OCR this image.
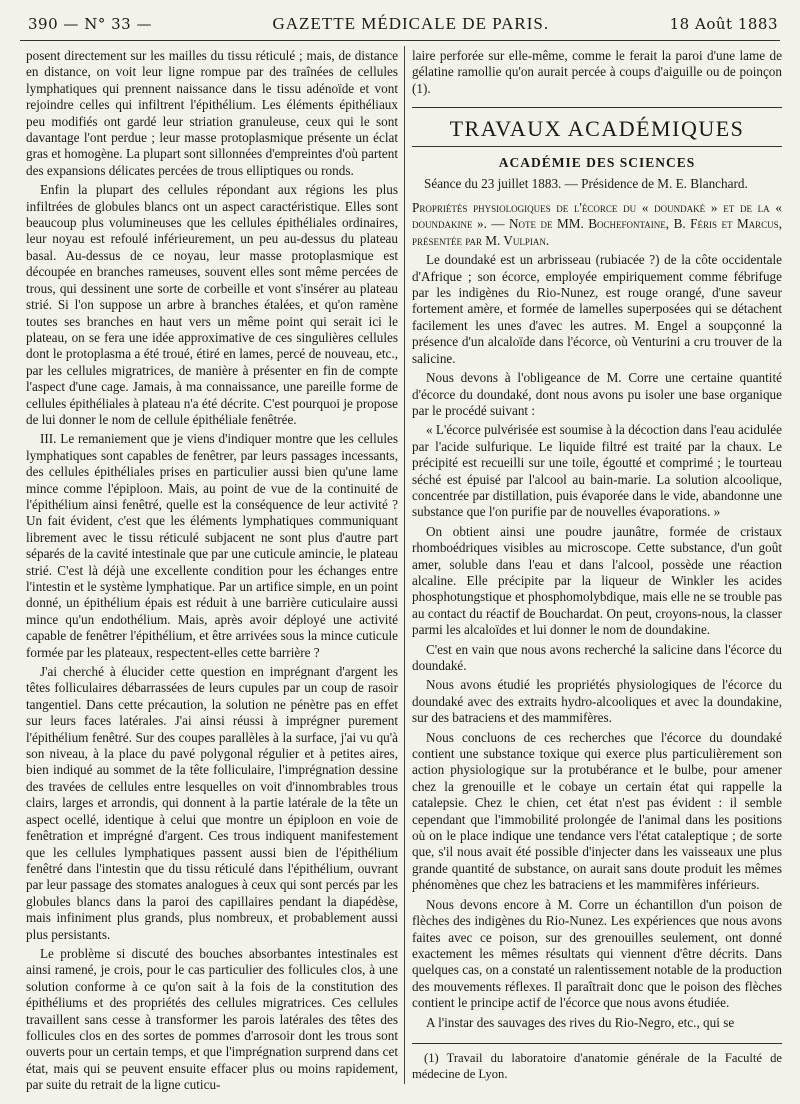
390 — N° 33 —	GAZETTE MÉDICALE DE PARIS.	18 Août 1883

posent directement sur les mailles du tissu réticulé ; mais, de distance en distance, on voit leur ligne rompue par des traînées de cellules lymphatiques qui prennent naissance dans le tissu adénoïde et vont rejoindre celles qui infiltrent l'épithélium. Les éléments épithéliaux peu modifiés ont gardé leur striation granuleuse, ceux qui le sont davantage l'ont perdue ; leur masse protoplasmique présente un éclat gras et homogène. La plupart sont sillonnées d'empreintes d'où partent des expansions délicates percées de trous elliptiques ou ronds.

Enfin la plupart des cellules répondant aux régions les plus infiltrées de globules blancs ont un aspect caractéristique. Elles sont beaucoup plus volumineuses que les cellules épithéliales ordinaires, leur noyau est refoulé inférieurement, un peu au-dessus du plateau basal. Au-dessus de ce noyau, leur masse protoplasmique est découpée en branches rameuses, souvent elles sont même percées de trous, qui dessinent une sorte de corbeille et vont s'insérer au plateau strié. Si l'on suppose un arbre à branches étalées, et qu'on ramène toutes ses branches en haut vers un même point qui serait ici le plateau, on se fera une idée approximative de ces singulières cellules dont le protoplasma a été troué, étiré en lames, percé de nouveau, etc., par les cellules migratrices, de manière à présenter en fin de compte l'aspect d'une cage. Jamais, à ma connaissance, une pareille forme de cellules épithéliales à plateau n'a été décrite. C'est pourquoi je propose de lui donner le nom de cellule épithéliale fenêtrée.

III. Le remaniement que je viens d'indiquer montre que les cellules lymphatiques sont capables de fenêtrer, par leurs passages incessants, des cellules épithéliales prises en particulier aussi bien qu'une lame mince comme l'épiploon. Mais, au point de vue de la continuité de l'épithélium ainsi fenêtré, quelle est la conséquence de leur activité ? Un fait évident, c'est que les éléments lymphatiques communiquant librement avec le tissu réticulé subjacent ne sont plus d'autre part séparés de la cavité intestinale que par une cuticule amincie, le plateau strié. C'est là déjà une excellente condition pour les échanges entre l'intestin et le système lymphatique. Par un artifice simple, en un point donné, un épithélium épais est réduit à une barrière cuticulaire aussi mince qu'un endothélium. Mais, après avoir déployé une activité capable de fenêtrer l'épithélium, et être arrivées sous la mince cuticule formée par les plateaux, respectent-elles cette barrière ?

J'ai cherché à élucider cette question en imprégnant d'argent les têtes folliculaires débarrassées de leurs cupules par un coup de rasoir tangentiel. Dans cette précaution, la solution ne pénètre pas en effet sur leurs faces latérales. J'ai ainsi réussi à imprégner purement l'épithélium fenêtré. Sur des coupes parallèles à la surface, j'ai vu qu'à son niveau, à la place du pavé polygonal régulier et à petites aires, bien indiqué au sommet de la tête folliculaire, l'imprégnation dessine des travées de cellules entre lesquelles on voit d'innombrables trous clairs, larges et arrondis, qui donnent à la partie latérale de la tête un aspect ocellé, identique à celui que montre un épiploon en voie de fenêtration et imprégné d'argent. Ces trous indiquent manifestement que les cellules lymphatiques passent aussi bien de l'épithélium fenêtré dans l'intestin que du tissu réticulé dans l'épithélium, ouvrant par leur passage des stomates analogues à ceux qui sont percés par les globules blancs dans la paroi des capillaires pendant la diapédèse, mais infiniment plus grands, plus nombreux, et probablement aussi plus persistants.

Le problème si discuté des bouches absorbantes intestinales est ainsi ramené, je crois, pour le cas particulier des follicules clos, à une solution conforme à ce qu'on sait à la fois de la constitution des épithéliums et des propriétés des cellules migratrices. Ces cellules travaillent sans cesse à transformer les parois latérales des têtes des follicules clos en des sortes de pommes d'arrosoir dont les trous sont ouverts pour un certain temps, et que l'imprégnation surprend dans cet état, mais qui se peuvent ensuite effacer plus ou moins rapidement, par suite du retrait de la ligne cuticu-

laire perforée sur elle-même, comme le ferait la paroi d'une lame de gélatine ramollie qu'on aurait percée à coups d'aiguille ou de poinçon (1).

TRAVAUX ACADÉMIQUES
ACADÉMIE DES SCIENCES

Séance du 23 juillet 1883. — Présidence de M. E. Blanchard.

Propriétés physiologiques de l'écorce du « doundaké » et de la « doundakine ». — Note de MM. Bochefontaine, B. Féris et Marcus, présentée par M. Vulpian.

Le doundaké est un arbrisseau (rubiacée ?) de la côte occidentale d'Afrique ; son écorce, employée empiriquement comme fébrifuge par les indigènes du Rio-Nunez, est rouge orangé, d'une saveur fortement amère, et formée de lamelles superposées qui se détachent facilement les unes d'avec les autres. M. Engel a soupçonné la présence d'un alcaloïde dans l'écorce, où Venturini a cru trouver de la salicine.

Nous devons à l'obligeance de M. Corre une certaine quantité d'écorce du doundaké, dont nous avons pu isoler une base organique par le procédé suivant :

« L'écorce pulvérisée est soumise à la décoction dans l'eau acidulée par l'acide sulfurique. Le liquide filtré est traité par la chaux. Le précipité est recueilli sur une toile, égoutté et comprimé ; le tourteau séché est épuisé par l'alcool au bain-marie. La solution alcoolique, concentrée par distillation, puis évaporée dans le vide, abandonne une substance que l'on purifie par de nouvelles évaporations. »

On obtient ainsi une poudre jaunâtre, formée de cristaux rhomboédriques visibles au microscope. Cette substance, d'un goût amer, soluble dans l'eau et dans l'alcool, possède une réaction alcaline. Elle précipite par la liqueur de Winkler les acides phosphotungstique et phosphomolybdique, mais elle ne se trouble pas au contact du réactif de Bouchardat. On peut, croyons-nous, la classer parmi les alcaloïdes et lui donner le nom de doundakine.

C'est en vain que nous avons recherché la salicine dans l'écorce du doundaké.

Nous avons étudié les propriétés physiologiques de l'écorce du doundaké avec des extraits hydro-alcooliques et avec la doundakine, sur des batraciens et des mammifères.

Nous concluons de ces recherches que l'écorce du doundaké contient une substance toxique qui exerce plus particulièrement son action physiologique sur la protubérance et le bulbe, pour amener chez la grenouille et le cobaye un certain état qui rappelle la catalepsie. Chez le chien, cet état n'est pas évident : il semble cependant que l'immobilité prolongée de l'animal dans les positions où on le place indique une tendance vers l'état cataleptique ; de sorte que, s'il nous avait été possible d'injecter dans les vaisseaux une plus grande quantité de substance, on aurait sans doute produit les mêmes phénomènes que chez les batraciens et les mammifères inférieurs.

Nous devons encore à M. Corre un échantillon d'un poison de flèches des indigènes du Rio-Nunez. Les expériences que nous avons faites avec ce poison, sur des grenouilles seulement, ont donné exactement les mêmes résultats qui viennent d'être décrits. Dans quelques cas, on a constaté un ralentissement notable de la production des mouvements réflexes. Il paraîtrait donc que le poison des flèches contient le principe actif de l'écorce que nous avons étudiée.

A l'instar des sauvages des rives du Rio-Negro, etc., qui se

(1) Travail du laboratoire d'anatomie générale de la Faculté de médecine de Lyon.
